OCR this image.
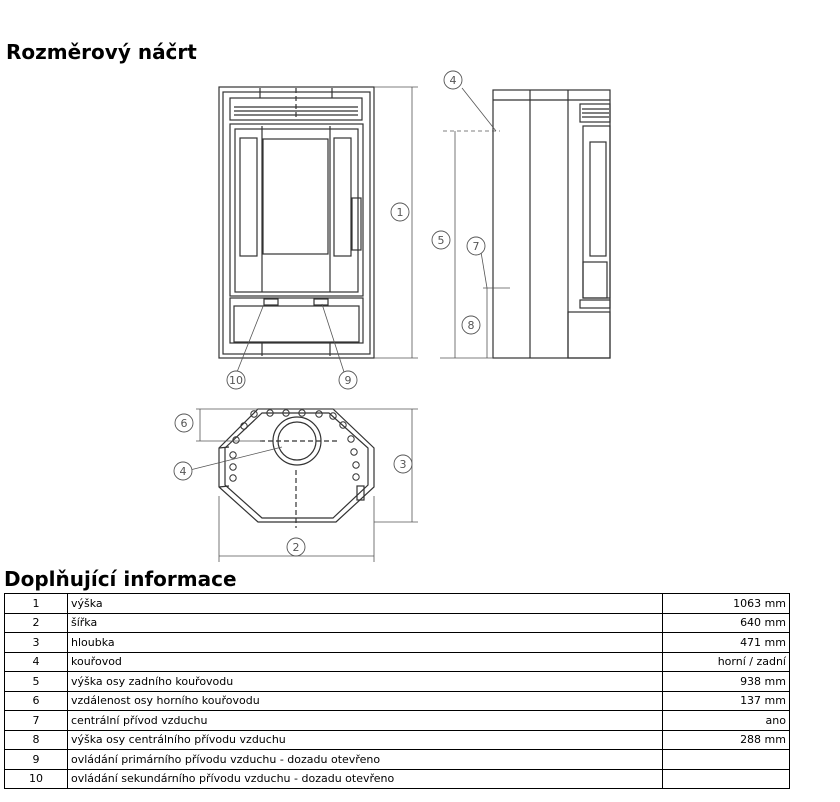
Rozměrový náčrt
1
2
3
4
4
5
6
7
8
9
10
Doplňující informace
1	výška	1063 mm
2	šířka	640 mm
3	hloubka	471 mm
4	kouřovod	horní / zadní
5	výška osy zadního kouřovodu	938 mm
6	vzdálenost osy horního kouřovodu	137 mm
7	centrální přívod vzduchu	ano
8	výška osy centrálního přívodu vzduchu	288 mm
9	ovládání primárního přívodu vzduchu - dozadu otevřeno	
10	ovládání sekundárního přívodu vzduchu - dozadu otevřeno	
